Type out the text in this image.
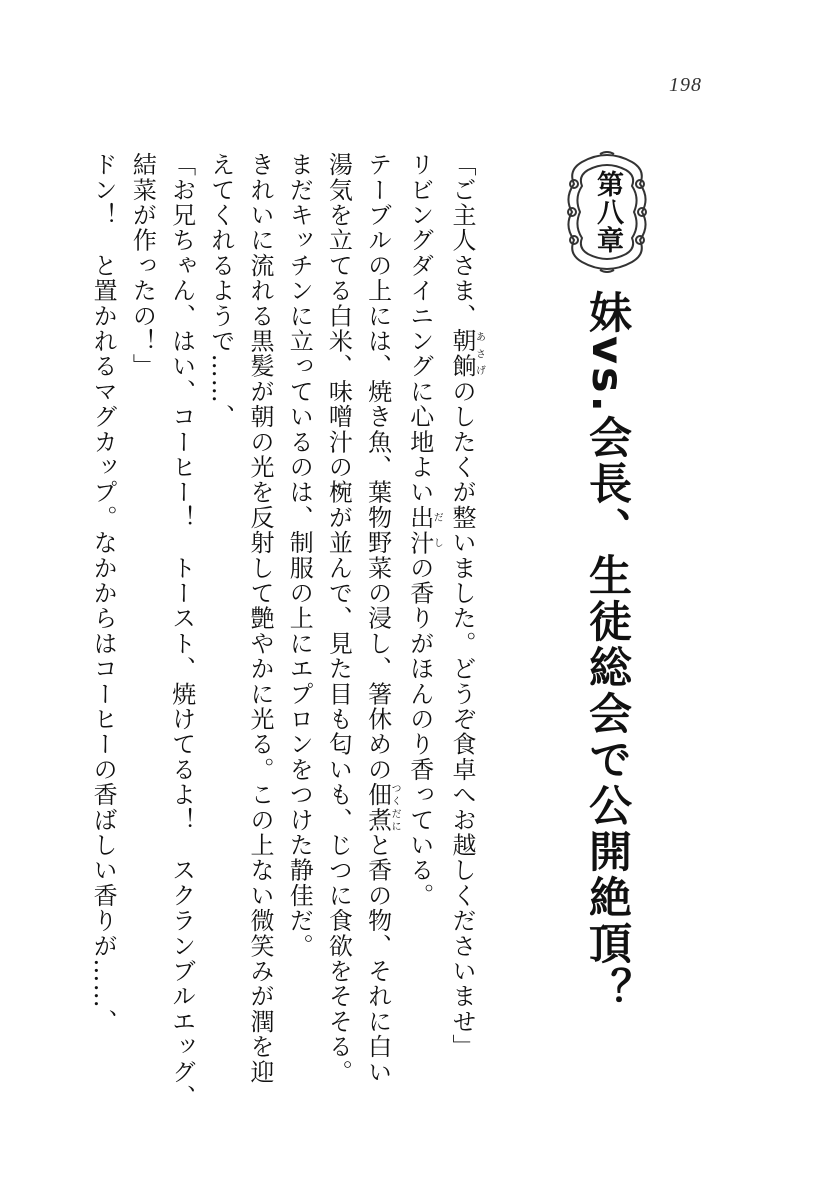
198
第八章
妹vs.会長、生徒総会で公開絶頂？

「ご主人さま、朝餉あさげのしたくが整いました。どうぞ食卓へお越しくださいませ」

リビングダイニングに心地よい出汁だしの香りがほんのり香っている。

テーブルの上には、焼き魚、葉物野菜の浸し、箸休めの佃煮つくだにと香の物、それに白い

湯気を立てる白米、味噌汁の椀が並んで、見た目も匂いも、じつに食欲をそそる。

まだキッチンに立っているのは、制服の上にエプロンをつけた静佳だ。

きれいに流れる黒髪が朝の光を反射して艶やかに光る。この上ない微笑みが潤を迎

えてくれるようで……、

「お兄ちゃん、はい、コーヒー！　トースト、焼けてるよ！　スクランブルエッグ、

結菜が作ったの！」

ドン！　と置かれるマグカップ。なかからはコーヒーの香ばしい香りが……、
